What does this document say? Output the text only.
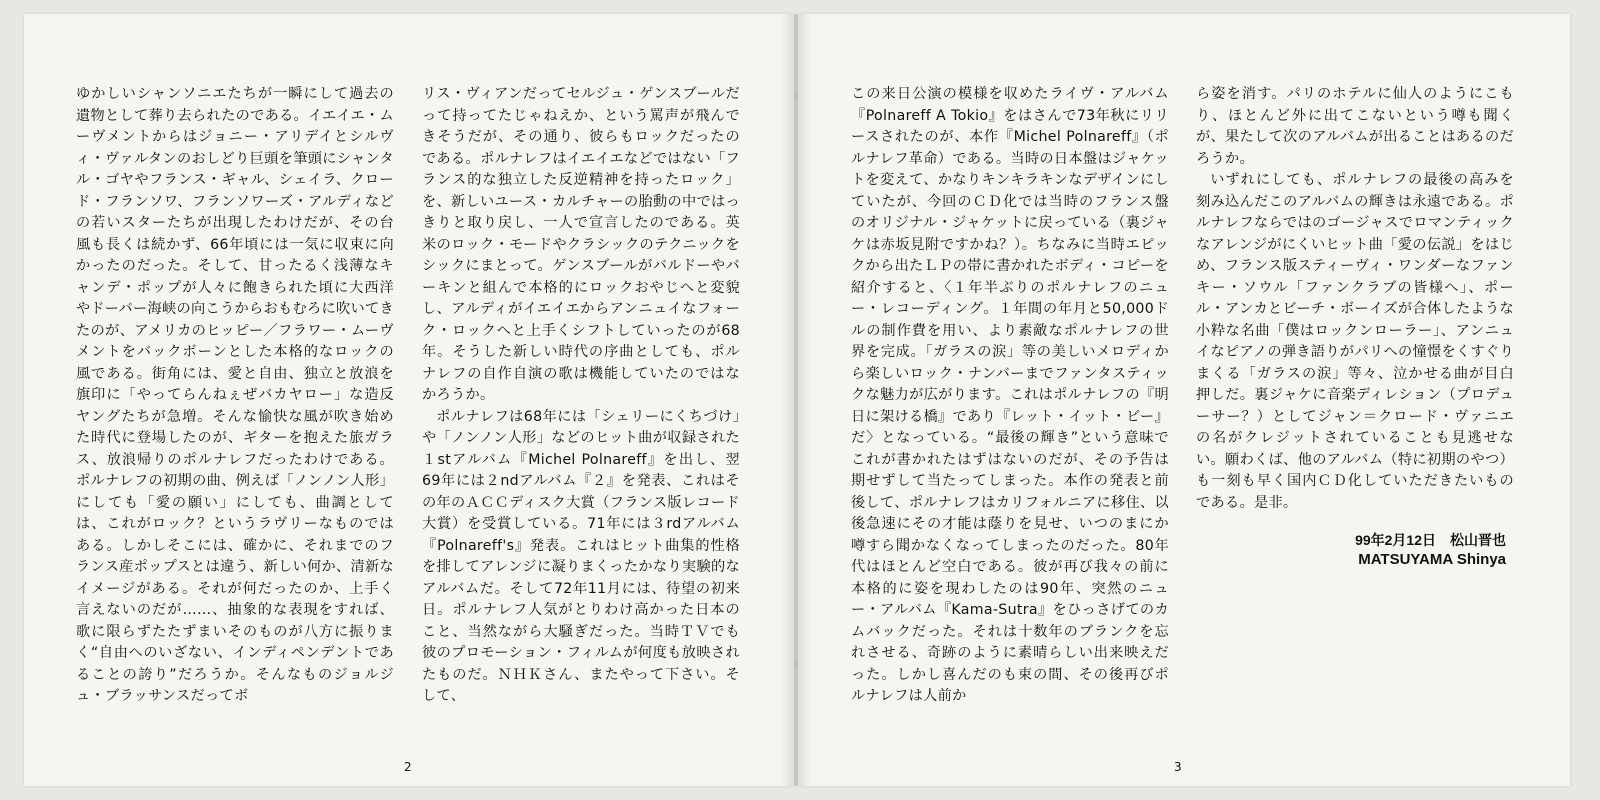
ゆかしいシャンソニエたちが一瞬にして過去の遺物として葬り去られたのである。イエイエ・ムーヴメントからはジョニー・アリデイとシルヴィ・ヴァルタンのおしどり巨頭を筆頭にシャンタル・ゴヤやフランス・ギャル、シェイラ、クロード・フランソワ、フランソワーズ・アルディなどの若いスターたちが出現したわけだが、その台風も長くは続かず、66年頃には一気に収束に向かったのだった。そして、甘ったるく浅薄なキャンデ・ポップが人々に飽きられた頃に大西洋やドーバー海峡の向こうからおもむろに吹いてきたのが、アメリカのヒッピー／フラワー・ムーヴメントをバックボーンとした本格的なロックの風である。街角には、愛と自由、独立と放浪を旗印に「やってらんねぇぜバカヤロー」な造反ヤングたちが急増。そんな愉快な風が吹き始めた時代に登場したのが、ギターを抱えた旅ガラス、放浪帰りのポルナレフだったわけである。ポルナレフの初期の曲、例えば「ノンノン人形」にしても「愛の願い」にしても、曲調としては、これがロック？というラヴリーなものではある。しかしそこには、確かに、それまでのフランス産ポップスとは違う、新しい何か、清新なイメージがある。それが何だったのか、上手く言えないのだが……、抽象的な表現をすれば、歌に限らずたたずまいそのものが八方に振りまく“自由へのいざない、インディペンデントであることの誇り”だろうか。そんなものジョルジュ・ブラッサンスだってボ

リス・ヴィアンだってセルジュ・ゲンスブールだって持ってたじゃねえか、という罵声が飛んできそうだが、その通り、彼らもロックだったのである。ポルナレフはイエイエなどではない「フランス的な独立した反逆精神を持ったロック」を、新しいユース・カルチャーの胎動の中ではっきりと取り戻し、一人で宣言したのである。英米のロック・モードやクラシックのテクニックをシックにまとって。ゲンスブールがバルドーやバーキンと組んで本格的にロックおやじへと変貌し、アルディがイエイエからアンニュイなフォーク・ロックへと上手くシフトしていったのが68年。そうした新しい時代の序曲としても、ポルナレフの自作自演の歌は機能していたのではなかろうか。

ポルナレフは68年には「シェリーにくちづけ」や「ノンノン人形」などのヒット曲が収録された１stアルバム『Michel Polnareff』を出し、翌69年には２ndアルバム『２』を発表、これはその年のＡＣＣディスク大賞（フランス版レコード大賞）を受賞している。71年には３rdアルバム『Polnareff's』発表。これはヒット曲集的性格を排してアレンジに凝りまくったかなり実験的なアルバムだ。そして72年11月には、待望の初来日。ポルナレフ人気がとりわけ高かった日本のこと、当然ながら大騒ぎだった。当時ＴＶでも彼のプロモーション・フィルムが何度も放映されたものだ。ＮＨＫさん、またやって下さい。そして、

2

この来日公演の模様を収めたライヴ・アルバム『Polnareff A Tokio』をはさんで73年秋にリリースされたのが、本作『Michel Polnareff』（ポルナレフ革命）である。当時の日本盤はジャケットを変えて、かなりキンキラキンなデザインにしていたが、今回のＣＤ化では当時のフランス盤のオリジナル・ジャケットに戻っている（裏ジャケは赤坂見附ですかね？）。ちなみに当時エピックから出たＬＰの帯に書かれたボディ・コピーを紹介すると、〈１年半ぶりのポルナレフのニュー・レコーディング。１年間の年月と50,000ドルの制作費を用い、より素敵なポルナレフの世界を完成。「ガラスの涙」等の美しいメロディから楽しいロック・ナンバーまでファンタスティックな魅力が広がります。これはポルナレフの『明日に架ける橋』であり『レット・イット・ビー』だ〉となっている。“最後の輝き”という意味でこれが書かれたはずはないのだが、その予告は期せずして当たってしまった。本作の発表と前後して、ポルナレフはカリフォルニアに移住、以後急速にその才能は蔭りを見せ、いつのまにか噂すら聞かなくなってしまったのだった。80年代はほとんど空白である。彼が再び我々の前に本格的に姿を現わしたのは90年、突然のニュー・アルバム『Kama-Sutra』をひっさげてのカムバックだった。それは十数年のブランクを忘れさせる、奇跡のように素晴らしい出来映えだった。しかし喜んだのも束の間、その後再びポルナレフは人前か

ら姿を消す。パリのホテルに仙人のようにこもり、ほとんど外に出てこないという噂も聞くが、果たして次のアルバムが出ることはあるのだろうか。

いずれにしても、ポルナレフの最後の高みを刻み込んだこのアルバムの輝きは永遠である。ポルナレフならではのゴージャスでロマンティックなアレンジがにくいヒット曲「愛の伝説」をはじめ、フランス版スティーヴィ・ワンダーなファンキー・ソウル「ファンクラブの皆様へ」、ポール・アンカとビーチ・ボーイズが合体したような小粋な名曲「僕はロックンローラー」、アンニュイなピアノの弾き語りがパリへの憧憬をくすぐりまくる「ガラスの涙」等々、泣かせる曲が目白押しだ。裏ジャケに音楽ディレション（プロデューサー？）としてジャン＝クロード・ヴァニエの名がクレジットされていることも見逃せない。願わくば、他のアルバム（特に初期のやつ）も一刻も早く国内ＣＤ化していただきたいものである。是非。

99年2月12日　松山晋也
MATSUYAMA Shinya
3
